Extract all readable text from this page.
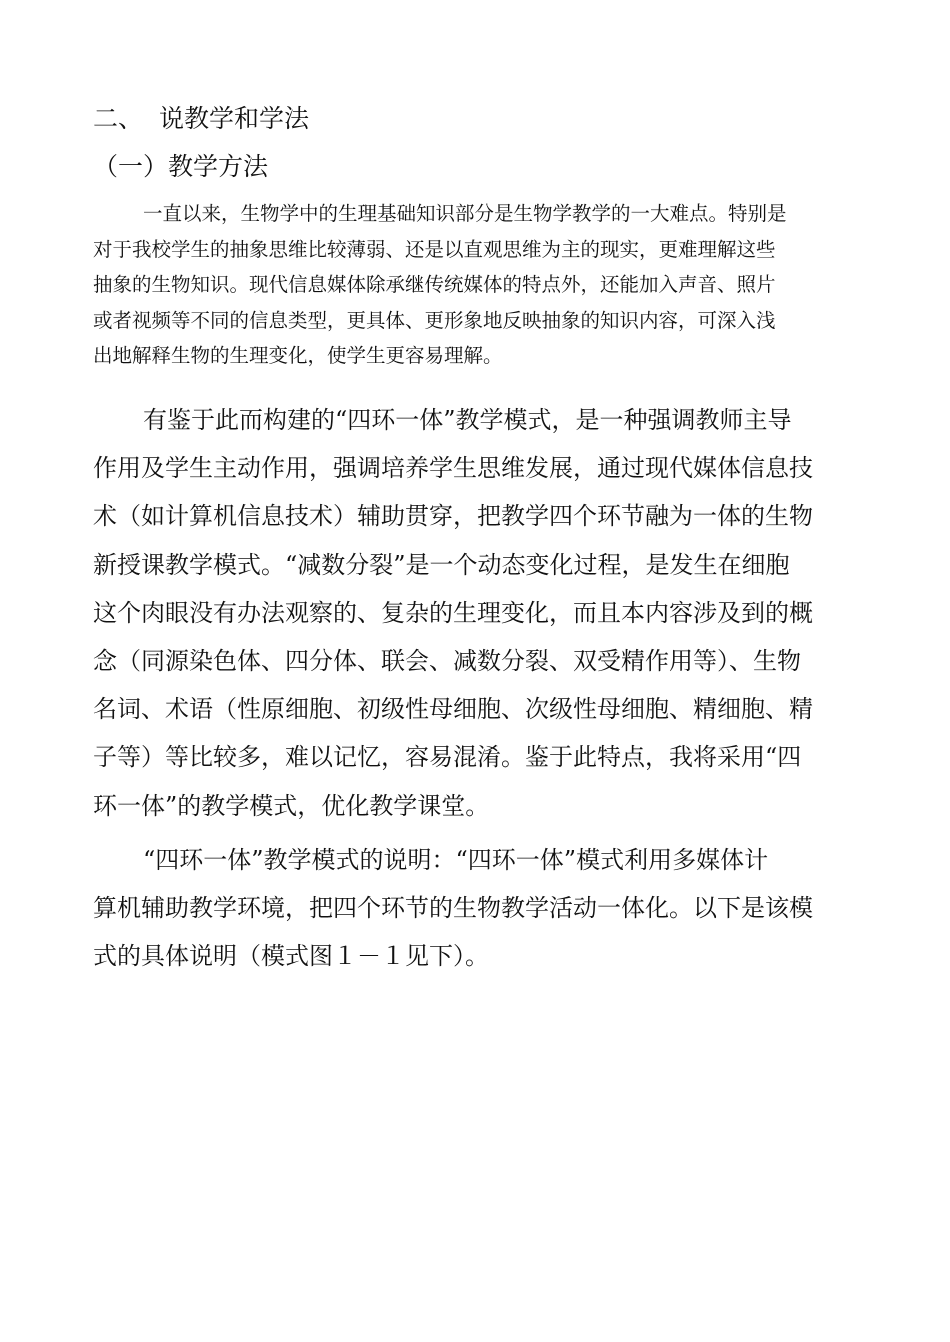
二、 说教学和学法
（一）教学方法

一直以来，生物学中的生理基础知识部分是生物学教学的一大难点。特别是
对于我校学生的抽象思维比较薄弱、还是以直观思维为主的现实，更难理解这些
抽象的生物知识。现代信息媒体除承继传统媒体的特点外，还能加入声音、照片
或者视频等不同的信息类型，更具体、更形象地反映抽象的知识内容，可深入浅
出地解释生物的生理变化，使学生更容易理解。

有鉴于此而构建的“四环一体”教学模式，是一种强调教师主导
作用及学生主动作用，强调培养学生思维发展，通过现代媒体信息技
术（如计算机信息技术）辅助贯穿，把教学四个环节融为一体的生物
新授课教学模式。“减数分裂”是一个动态变化过程，是发生在细胞
这个肉眼没有办法观察的、复杂的生理变化，而且本内容涉及到的概
念（同源染色体、四分体、联会、减数分裂、双受精作用等）、生物
名词、术语（性原细胞、初级性母细胞、次级性母细胞、精细胞、精
子等）等比较多，难以记忆，容易混淆。鉴于此特点，我将采用“四
环一体”的教学模式，优化教学课堂。

“四环一体”教学模式的说明：“四环一体”模式利用多媒体计
算机辅助教学环境，把四个环节的生物教学活动一体化。以下是该模
式的具体说明（模式图１－１见下）。
